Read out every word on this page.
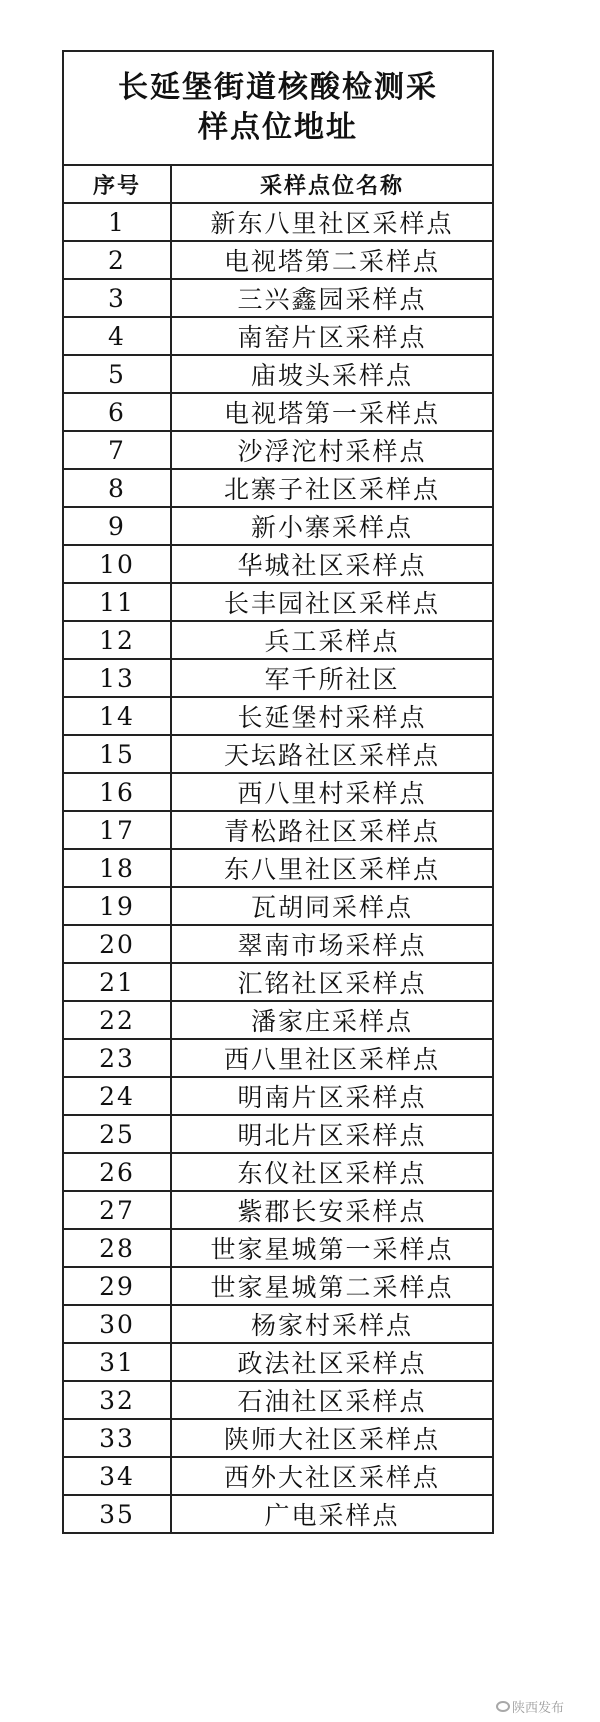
长延堡街道核酸检测采
样点位地址	

序号	采样点位名称
1	新东八里社区采样点
2	电视塔第二采样点
3	三兴鑫园采样点
4	南窑片区采样点
5	庙坡头采样点
6	电视塔第一采样点
7	沙浮沱村采样点
8	北寨子社区采样点
9	新小寨采样点
10	华城社区采样点
11	长丰园社区采样点
12	兵工采样点
13	军千所社区
14	长延堡村采样点
15	天坛路社区采样点
16	西八里村采样点
17	青松路社区采样点
18	东八里社区采样点
19	瓦胡同采样点
20	翠南市场采样点
21	汇铭社区采样点
22	潘家庄采样点
23	西八里社区采样点
24	明南片区采样点
25	明北片区采样点
26	东仪社区采样点
27	紫郡长安采样点
28	世家星城第一采样点
29	世家星城第二采样点
30	杨家村采样点
31	政法社区采样点
32	石油社区采样点
33	陕师大社区采样点
34	西外大社区采样点
35	广电采样点
陕西发布
